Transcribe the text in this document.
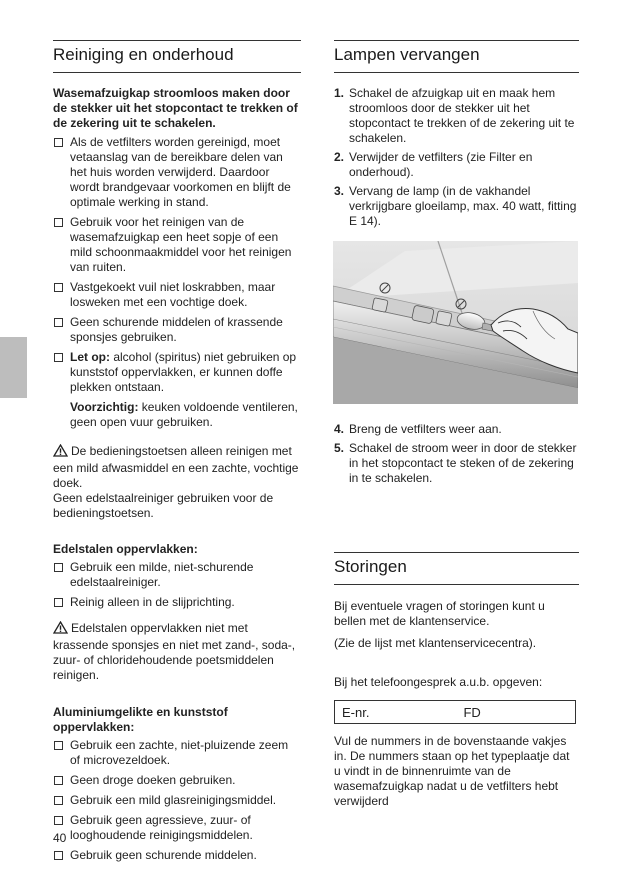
Reiniging en onderhoud
Wasemafzuigkap stroomloos maken door de stekker uit het stopcontact te trekken of de zekering uit te schakelen.
Als de vetfilters worden gereinigd, moet vetaanslag van de bereikbare delen van het huis worden verwijderd. Daardoor wordt brandgevaar voorkomen en blijft de optimale werking in stand.
Gebruik voor het reinigen van de wasemafzuigkap een heet sopje of een mild schoonmaakmiddel voor het reinigen van ruiten.
Vastgekoekt vuil niet loskrabben, maar losweken met een vochtige doek.
Geen schurende middelen of krassende sponsjes gebruiken.
Let op: alcohol (spiritus) niet gebruiken op kunststof oppervlakken, er kunnen doffe plekken ontstaan.
Voorzichtig: keuken voldoende ventileren, geen open vuur gebruiken.
De bedieningstoetsen alleen reinigen met een mild afwasmiddel en een zachte, vochtige doek.
Geen edelstaalreiniger gebruiken voor de bedieningstoetsen.
Edelstalen oppervlakken:
Gebruik een milde, niet-schurende edelstaalreiniger.
Reinig alleen in de slijprichting.
Edelstalen oppervlakken niet met krassende sponsjes en niet met zand-, soda-, zuur- of chloridehoudende poetsmiddelen reinigen.
Aluminiumgelikte en kunststof oppervlakken:
Gebruik een zachte, niet-pluizende zeem of microvezeldoek.
Geen droge doeken gebruiken.
Gebruik een mild glasreinigingsmiddel.
Gebruik geen agressieve, zuur- of looghoudende reinigingsmiddelen.
Gebruik geen schurende middelen.
Lampen vervangen
1. Schakel de afzuigkap uit en maak hem stroomloos door de stekker uit het stopcontact te trekken of de zekering uit te schakelen.
2. Verwijder de vetfilters (zie Filter en onderhoud).
3. Vervang de lamp (in de vakhandel verkrijgbare gloeilamp, max. 40 watt, fitting E 14).
4. Breng de vetfilters weer aan.
5. Schakel de stroom weer in door de stekker in het stopcontact te steken of de zekering in te schakelen.
Storingen
Bij eventuele vragen of storingen kunt u bellen met de klantenservice.
(Zie de lijst met klantenservicecentra).
Bij het telefoongesprek a.u.b. opgeven:
E-nr.	FD
Vul de nummers in de bovenstaande vakjes in. De nummers staan op het typeplaatje dat u vindt in de binnenruimte van de wasemafzuigkap nadat u de vetfilters hebt verwijderd
40
